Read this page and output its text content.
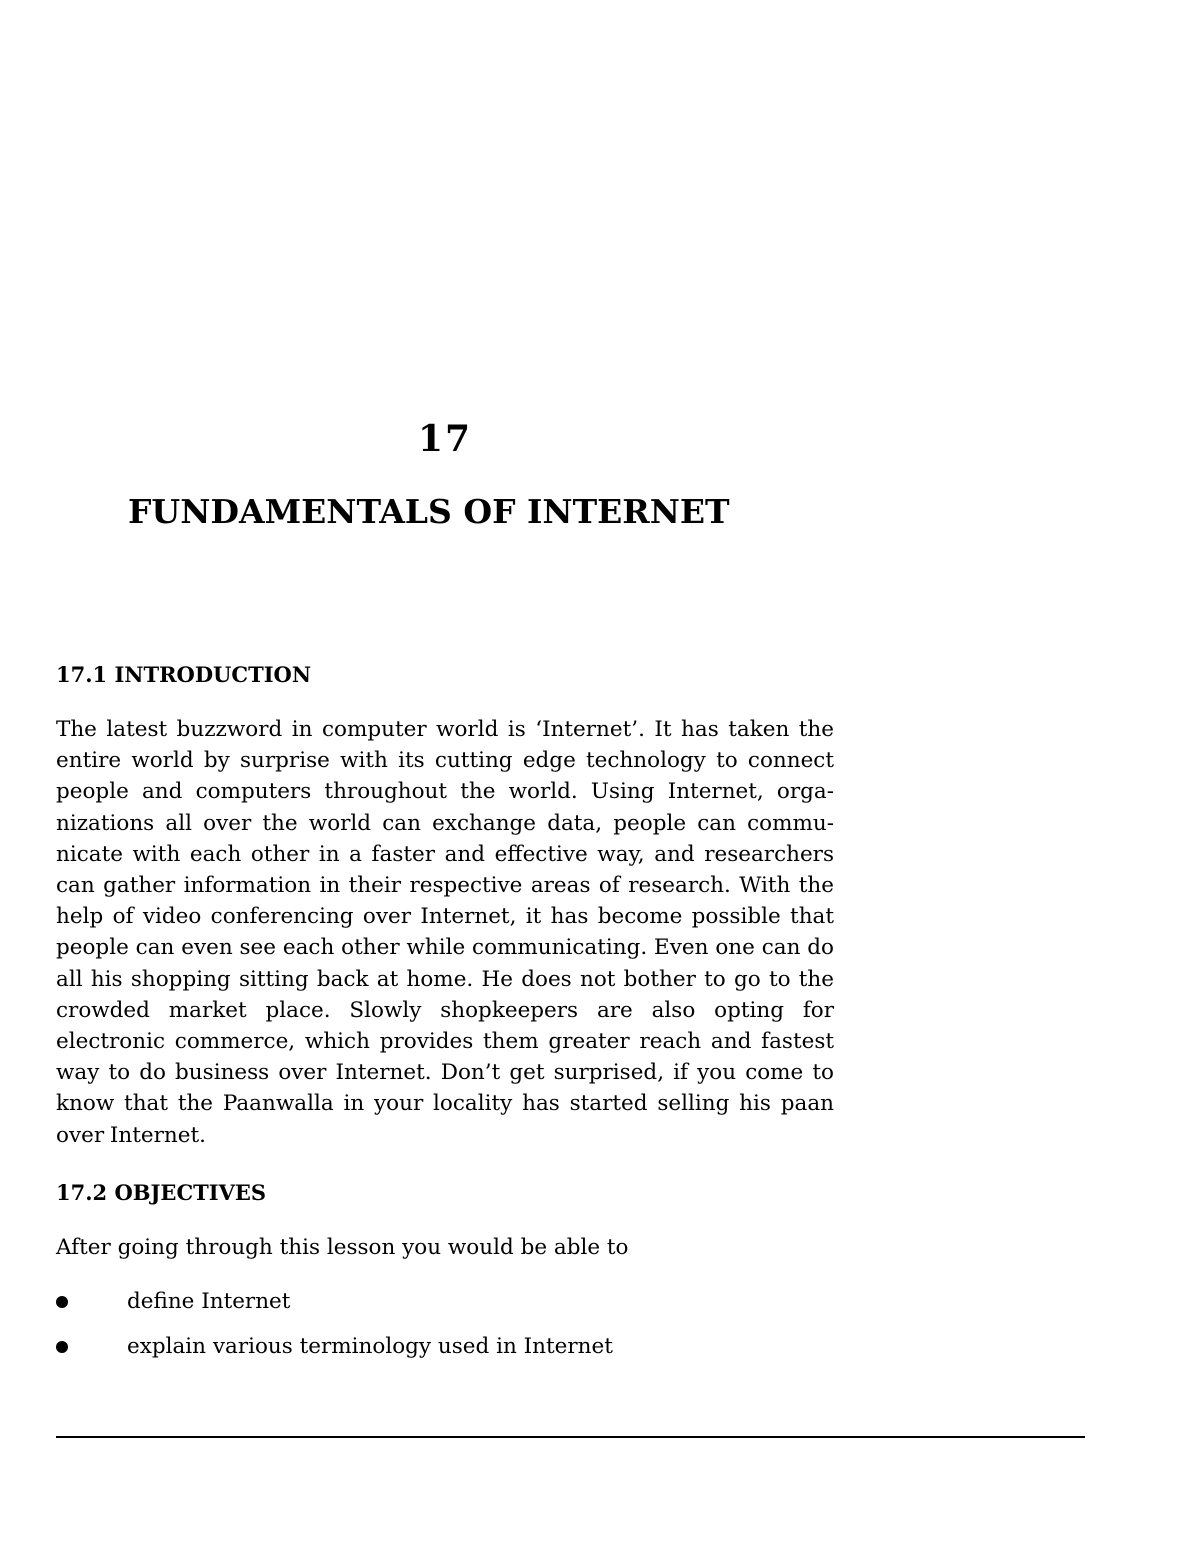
17
FUNDAMENTALS OF INTERNET
17.1 INTRODUCTION
The latest buzzword in computer world is ‘Internet’. It has taken the entire world by surprise with its cutting edge technology to connect people and computers throughout the world. Using Internet, orga-nizations all over the world can exchange data, people can commu-nicate with each other in a faster and effective way, and researchers can gather information in their respective areas of research. With the help of video conferencing over Internet, it has become possible that people can even see each other while communicating. Even one can do all his shopping sitting back at home. He does not bother to go to the crowded market place. Slowly shopkeepers are also opting for electronic commerce, which provides them greater reach and fastest way to do business over Internet. Don’t get surprised, if you come to know that the Paanwalla in your locality has started selling his paan over Internet.
17.2 OBJECTIVES
After going through this lesson you would be able to
define Internet
explain various terminology used in Internet
